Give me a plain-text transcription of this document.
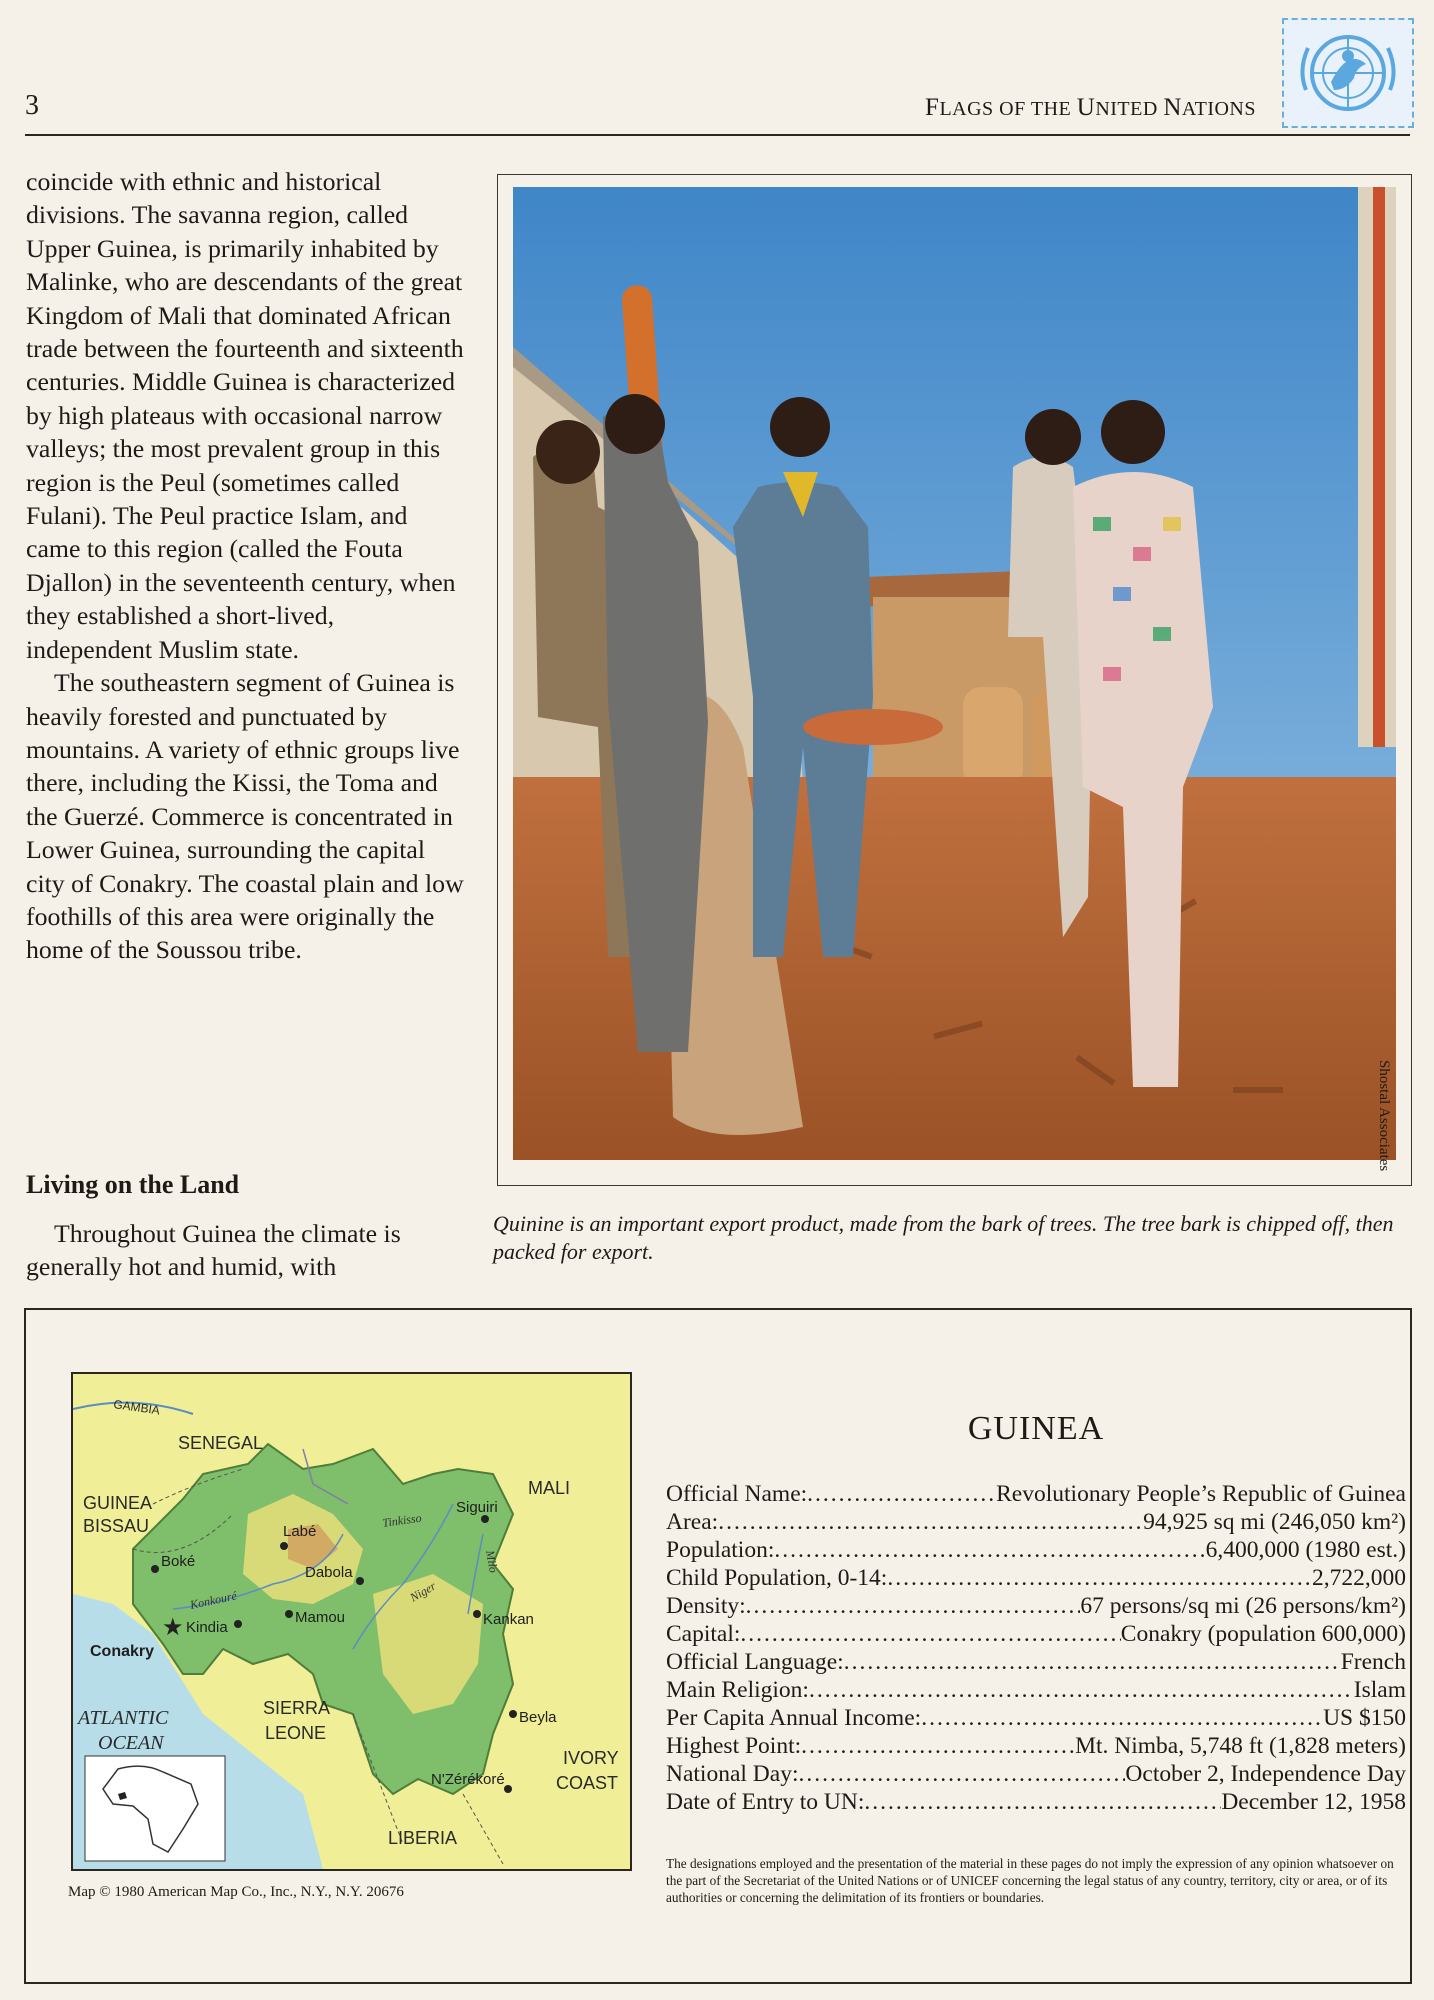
3	FLAGS OF THE UNITED NATIONS

coincide with ethnic and historical divisions. The savanna region, called Upper Guinea, is primarily inhabited by Malinke, who are descendants of the great Kingdom of Mali that dominated African trade between the fourteenth and sixteenth centuries. Middle Guinea is characterized by high plateaus with occasional narrow valleys; the most prevalent group in this region is the Peul (sometimes called Fulani). The Peul practice Islam, and came to this region (called the Fouta Djallon) in the seventeenth century, when they established a short-lived, independent Muslim state.

The southeastern segment of Guinea is heavily forested and punctuated by mountains. A variety of ethnic groups live there, including the Kissi, the Toma and the Guerzé. Commerce is concentrated in Lower Guinea, surrounding the capital city of Conakry. The coastal plain and low foothills of this area were originally the home of the Soussou tribe.

Living on the Land
Throughout Guinea the climate is generally hot and humid, with
Shostal Associates
Quinine is an important export product, made from the bark of trees. The tree bark is chipped off, then packed for export.
GAMBIA
SENEGAL
MALI
GUINEA
BISSAU
SIERRA
LEONE
LIBERIA
IVORY
COAST
ATLANTIC
OCEAN
Tinkisso
Konkouré	Niger
Milo
★
Boké
Labé
Dabola
Siguiri
Kindia
Mamou	Kankan
Beyla
N'Zérékoré
Conakry
Map © 1980 American Map Co., Inc., N.Y., N.Y. 20676
GUINEA
Official Name: .....	Revolutionary People’s Republic of Guinea
Area: .....	94,925 sq mi (246,050 km²)
Population: .....	6,400,000 (1980 est.)
Child Population, 0-14: .....	2,722,000
Density: .....	67 persons/sq mi (26 persons/km²)
Capital: .....	Conakry (population 600,000)
Official Language: .....	French
Main Religion: .....	Islam
Per Capita Annual Income: .....	US $150
Highest Point: .....	Mt. Nimba, 5,748 ft (1,828 meters)
National Day: .....	October 2, Independence Day
Date of Entry to UN: .....	December 12, 1958
The designations employed and the presentation of the material in these pages do not imply the expression of any opinion whatsoever on the part of the Secretariat of the United Nations or of UNICEF concerning the legal status of any country, territory, city or area, or of its authorities or concerning the delimitation of its frontiers or boundaries.
